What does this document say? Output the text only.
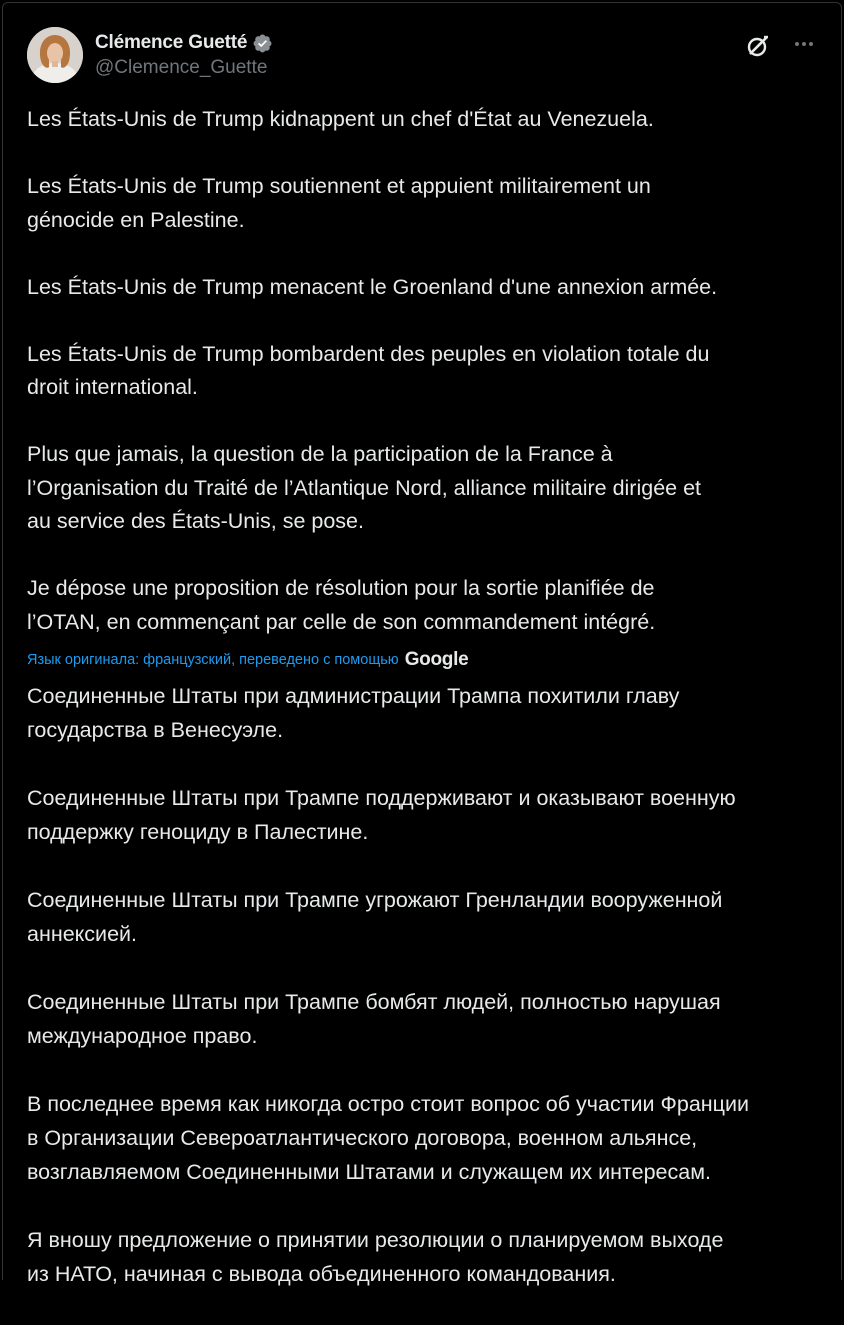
Clémence Guetté
@Clemence_Guette

Les États-Unis de Trump kidnappent un chef d'État au Venezuela.

Les États-Unis de Trump soutiennent et appuient militairement un
génocide en Palestine.

Les États-Unis de Trump menacent le Groenland d'une annexion armée.

Les États-Unis de Trump bombardent des peuples en violation totale du
droit international.

Plus que jamais, la question de la participation de la France à
l’Organisation du Traité de l’Atlantique Nord, alliance militaire dirigée et
au service des États-Unis, se pose.

Je dépose une proposition de résolution pour la sortie planifiée de
l’OTAN, en commençant par celle de son commandement intégré.

Язык оригинала: французский, переведено с помощью Google

Соединенные Штаты при администрации Трампа похитили главу
государства в Венесуэле.

Соединенные Штаты при Трампе поддерживают и оказывают военную
поддержку геноциду в Палестине.

Соединенные Штаты при Трампе угрожают Гренландии вооруженной
аннексией.

Соединенные Штаты при Трампе бомбят людей, полностью нарушая
международное право.

В последнее время как никогда остро стоит вопрос об участии Франции
в Организации Североатлантического договора, военном альянсе,
возглавляемом Соединенными Штатами и служащем их интересам.

Я вношу предложение о принятии резолюции о планируемом выходе
из НАТО, начиная с вывода объединенного командования.
